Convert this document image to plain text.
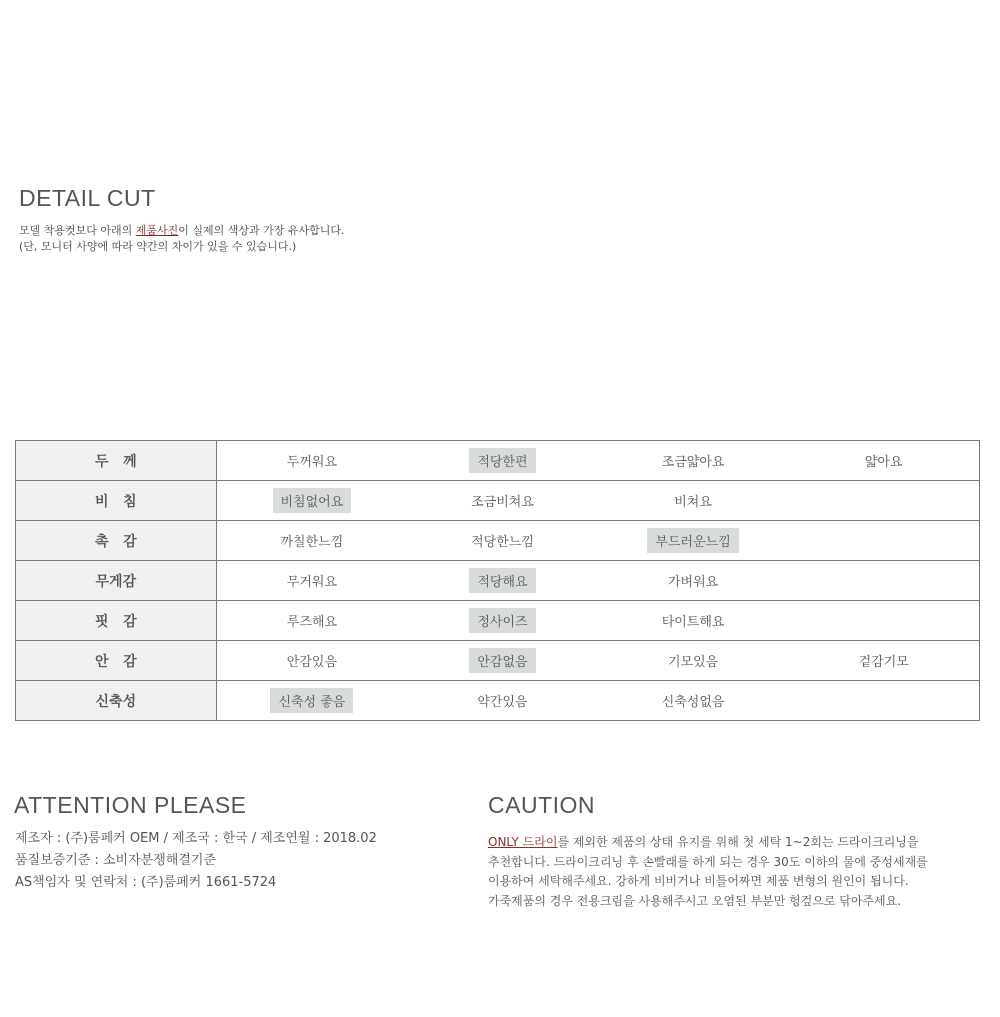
DETAIL CUT
모델 착용컷보다 아래의 제품사진이 실제의 색상과 가장 유사합니다.
(단, 모니터 사양에 따라 약간의 차이가 있을 수 있습니다.)
두   께	두꺼워요	적당한편	조금얇아요	얇아요
비   침	비침없어요	조금비쳐요	비쳐요	
촉   감	까칠한느낌	적당한느낌	부드러운느낌	
무게감	무거워요	적당해요	가벼워요	
핏   감	루즈해요	정사이즈	타이트해요	
안   감	안감있음	안감없음	기모있음	겉감기모
신축성	신축성 좋음	약간있음	신축성없음	
ATTENTION PLEASE
제조자 : (주)룸페커 OEM / 제조국 : 한국 / 제조연월 : 2018.02
품질보증기준 : 소비자분쟁해결기준
AS책임자 및 연락처 : (주)룸페커 1661-5724
CAUTION
ONLY 드라이를 제외한 제품의 상태 유지를 위해 첫 세탁 1~2회는 드라이크리닝을
추천합니다. 드라이크리닝 후 손빨래를 하게 되는 경우 30도 이하의 물에 중성세재를
이용하여 세탁해주세요. 강하게 비비거나 비틀어짜면 제품 변형의 원인이 됩니다.
가죽제품의 경우 전용크림을 사용해주시고 오염된 부분만 헝겊으로 닦아주세요.
